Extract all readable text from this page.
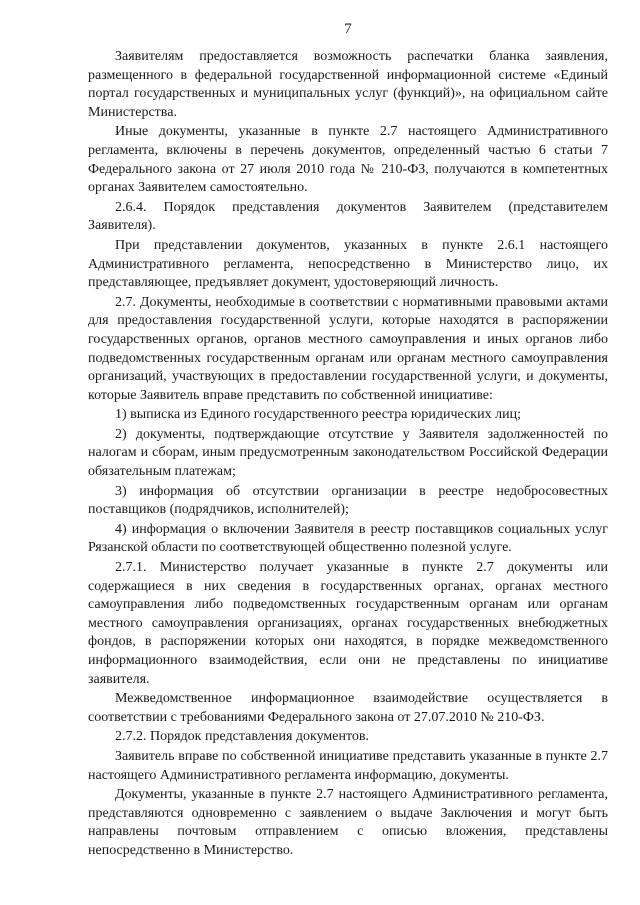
7

Заявителям предоставляется возможность распечатки бланка заявления, размещенного в федеральной государственной информационной системе «Единый портал государственных и муниципальных услуг (функций)», на официальном сайте Министерства.

Иные документы, указанные в пункте 2.7 настоящего Административного регламента, включены в перечень документов, определенный частью 6 статьи 7 Федерального закона от 27 июля 2010 года № 210-ФЗ, получаются в компетентных органах Заявителем самостоятельно.

2.6.4. Порядок представления документов Заявителем (представителем Заявителя).

При представлении документов, указанных в пункте 2.6.1 настоящего Административного регламента, непосредственно в Министерство лицо, их представляющее, предъявляет документ, удостоверяющий личность.

2.7. Документы, необходимые в соответствии с нормативными правовыми актами для предоставления государственной услуги, которые находятся в распоряжении государственных органов, органов местного самоуправления и иных органов либо подведомственных государственным органам или органам местного самоуправления организаций, участвующих в предоставлении государственной услуги, и документы, которые Заявитель вправе представить по собственной инициативе:

1) выписка из Единого государственного реестра юридических лиц;

2) документы, подтверждающие отсутствие у Заявителя задолженностей по налогам и сборам, иным предусмотренным законодательством Российской Федерации обязательным платежам;

3) информация об отсутствии организации в реестре недобросовестных поставщиков (подрядчиков, исполнителей);

4) информация о включении Заявителя в реестр поставщиков социальных услуг Рязанской области по соответствующей общественно полезной услуге.

2.7.1. Министерство получает указанные в пункте 2.7 документы или содержащиеся в них сведения в государственных органах, органах местного самоуправления либо подведомственных государственным органам или органам местного самоуправления организациях, органах государственных внебюджетных фондов, в распоряжении которых они находятся, в порядке межведомственного информационного взаимодействия, если они не представлены по инициативе заявителя.

Межведомственное информационное взаимодействие осуществляется в соответствии с требованиями Федерального закона от 27.07.2010 № 210-ФЗ.

2.7.2. Порядок представления документов.

Заявитель вправе по собственной инициативе представить указанные в пункте 2.7 настоящего Административного регламента информацию, документы.

Документы, указанные в пункте 2.7 настоящего Административного регламента, представляются одновременно с заявлением о выдаче Заключения и могут быть направлены почтовым отправлением с описью вложения, представлены непосредственно в Министерство.
